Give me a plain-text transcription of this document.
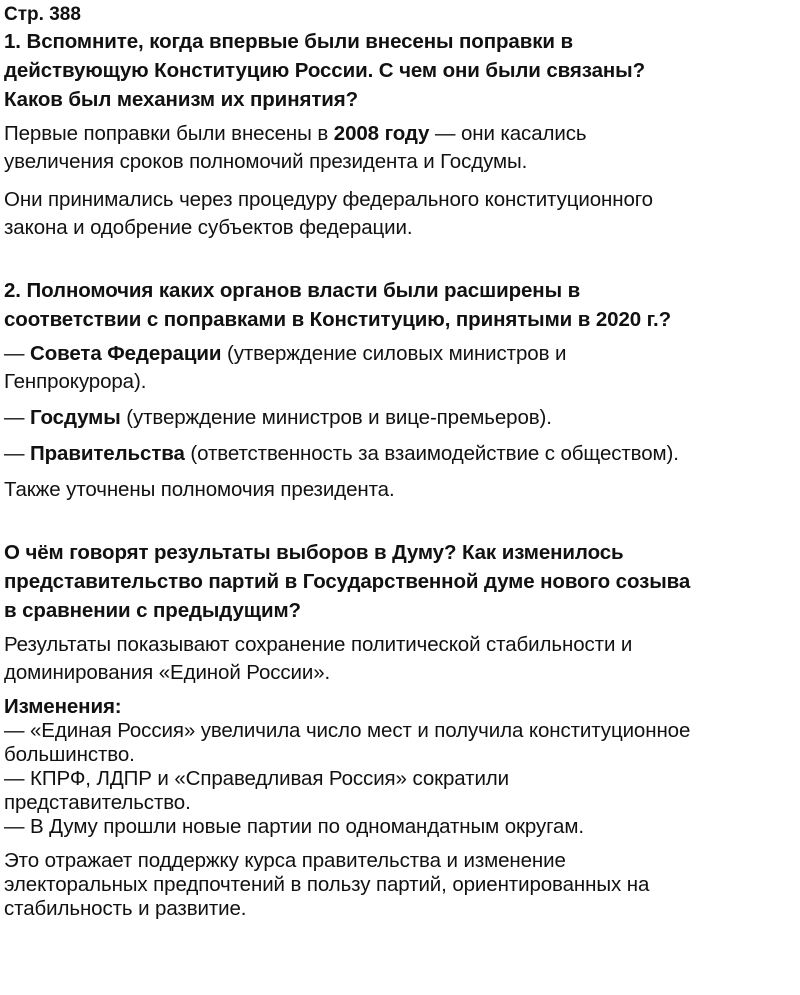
Стр. 388

1. Вспомните, когда впервые были внесены поправки в
действующую Конституцию России. С чем они были связаны?
Каков был механизм их принятия?

Первые поправки были внесены в 2008 году — они касались
увеличения сроков полномочий президента и Госдумы.

Они принимались через процедуру федерального конституционного
закона и одобрение субъектов федерации.

2. Полномочия каких органов власти были расширены в
соответствии с поправками в Конституцию, принятыми в 2020 г.?

— Совета Федерации (утверждение силовых министров и
Генпрокурора).

— Госдумы (утверждение министров и вице-премьеров).

— Правительства (ответственность за взаимодействие с обществом).

Также уточнены полномочия президента.

О чём говорят результаты выборов в Думу? Как изменилось
представительство партий в Государственной думе нового созыва
в сравнении с предыдущим?

Результаты показывают сохранение политической стабильности и
доминирования «Единой России».

Изменения:

— «Единая Россия» увеличила число мест и получила конституционное
большинство.

— КПРФ, ЛДПР и «Справедливая Россия» сократили
представительство.

— В Думу прошли новые партии по одномандатным округам.

Это отражает поддержку курса правительства и изменение
электоральных предпочтений в пользу партий, ориентированных на
стабильность и развитие.
